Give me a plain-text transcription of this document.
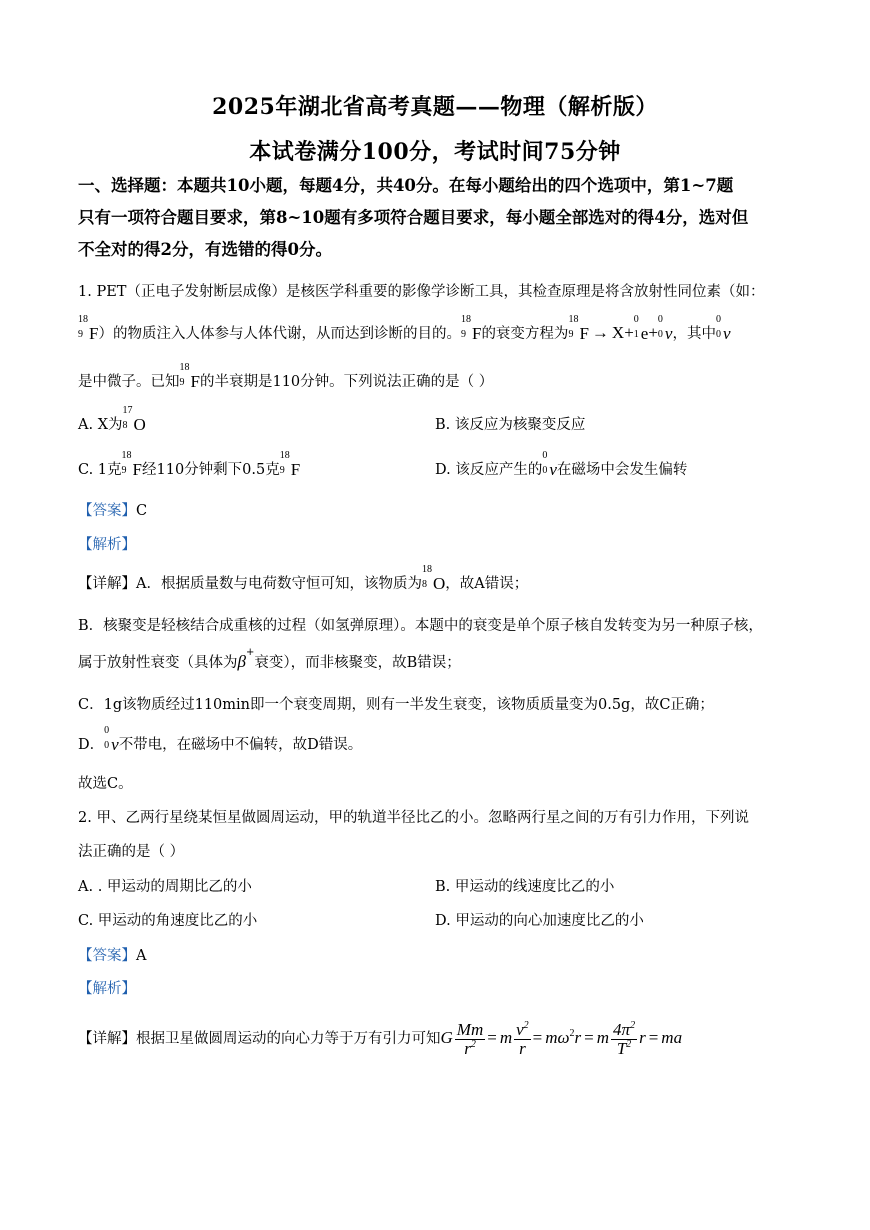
2025年湖北省高考真题——物理（解析版）
本试卷满分100分，考试时间75分钟
一、选择题：本题共10小题，每题4分，共40分。在每小题给出的四个选项中，第1~7题
只有一项符合题目要求，第8~10题有多项符合题目要求，每小题全部选对的得4分，选对但
不全对的得2分，有选错的得0分。
1. PET（正电子发射断层成像）是核医学科重要的影像学诊断工具，其检查原理是将含放射性同位素（如：
18
9 F）的物质注入人体参与人体代谢，从而达到诊断的目的。
18
9 F的衰变方程为
18
9 F → X+
0
1 e+
0
0 ν，其中
0
0 ν
是中微子。已知
18
9 F的半衰期是110分钟。下列说法正确的是（ ）
A. X为
17
8 O	B. 该反应为核聚变反应
C. 1克
18
9 F经110分钟剩下0.5克
18
9 F	D. 该反应产生的
0
0 ν在磁场中会发生偏转
【答案】C
【解析】
【详解】A．根据质量数与电荷数守恒可知，该物质为
18
8 O，故A错误；
B．核聚变是轻核结合成重核的过程（如氢弹原理）。本题中的衰变是单个原子核自发转变为另一种原子核，
属于放射性衰变（具体为β+衰变），而非核聚变，故B错误；
C．1g该物质经过110min即一个衰变周期，则有一半发生衰变，该物质质量变为0.5g，故C正确；
D．
0
0 ν不带电，在磁场中不偏转，故D错误。
故选C。
2. 甲、乙两行星绕某恒星做圆周运动，甲的轨道半径比乙的小。忽略两行星之间的万有引力作用，下列说
法正确的是（ ）
A. . 甲运动的周期比乙的小	B. 甲运动的线速度比乙的小
C. 甲运动的角速度比乙的小	D. 甲运动的向心加速度比乙的小
【答案】A
【解析】
【详解】根据卫星做圆周运动的向心力等于万有引力可知G $\frac{Mm}{r^2} = m \frac{v^2}{r} = m\omega^2r = m \frac{4\pi^2}{T^2}$ r = ma
